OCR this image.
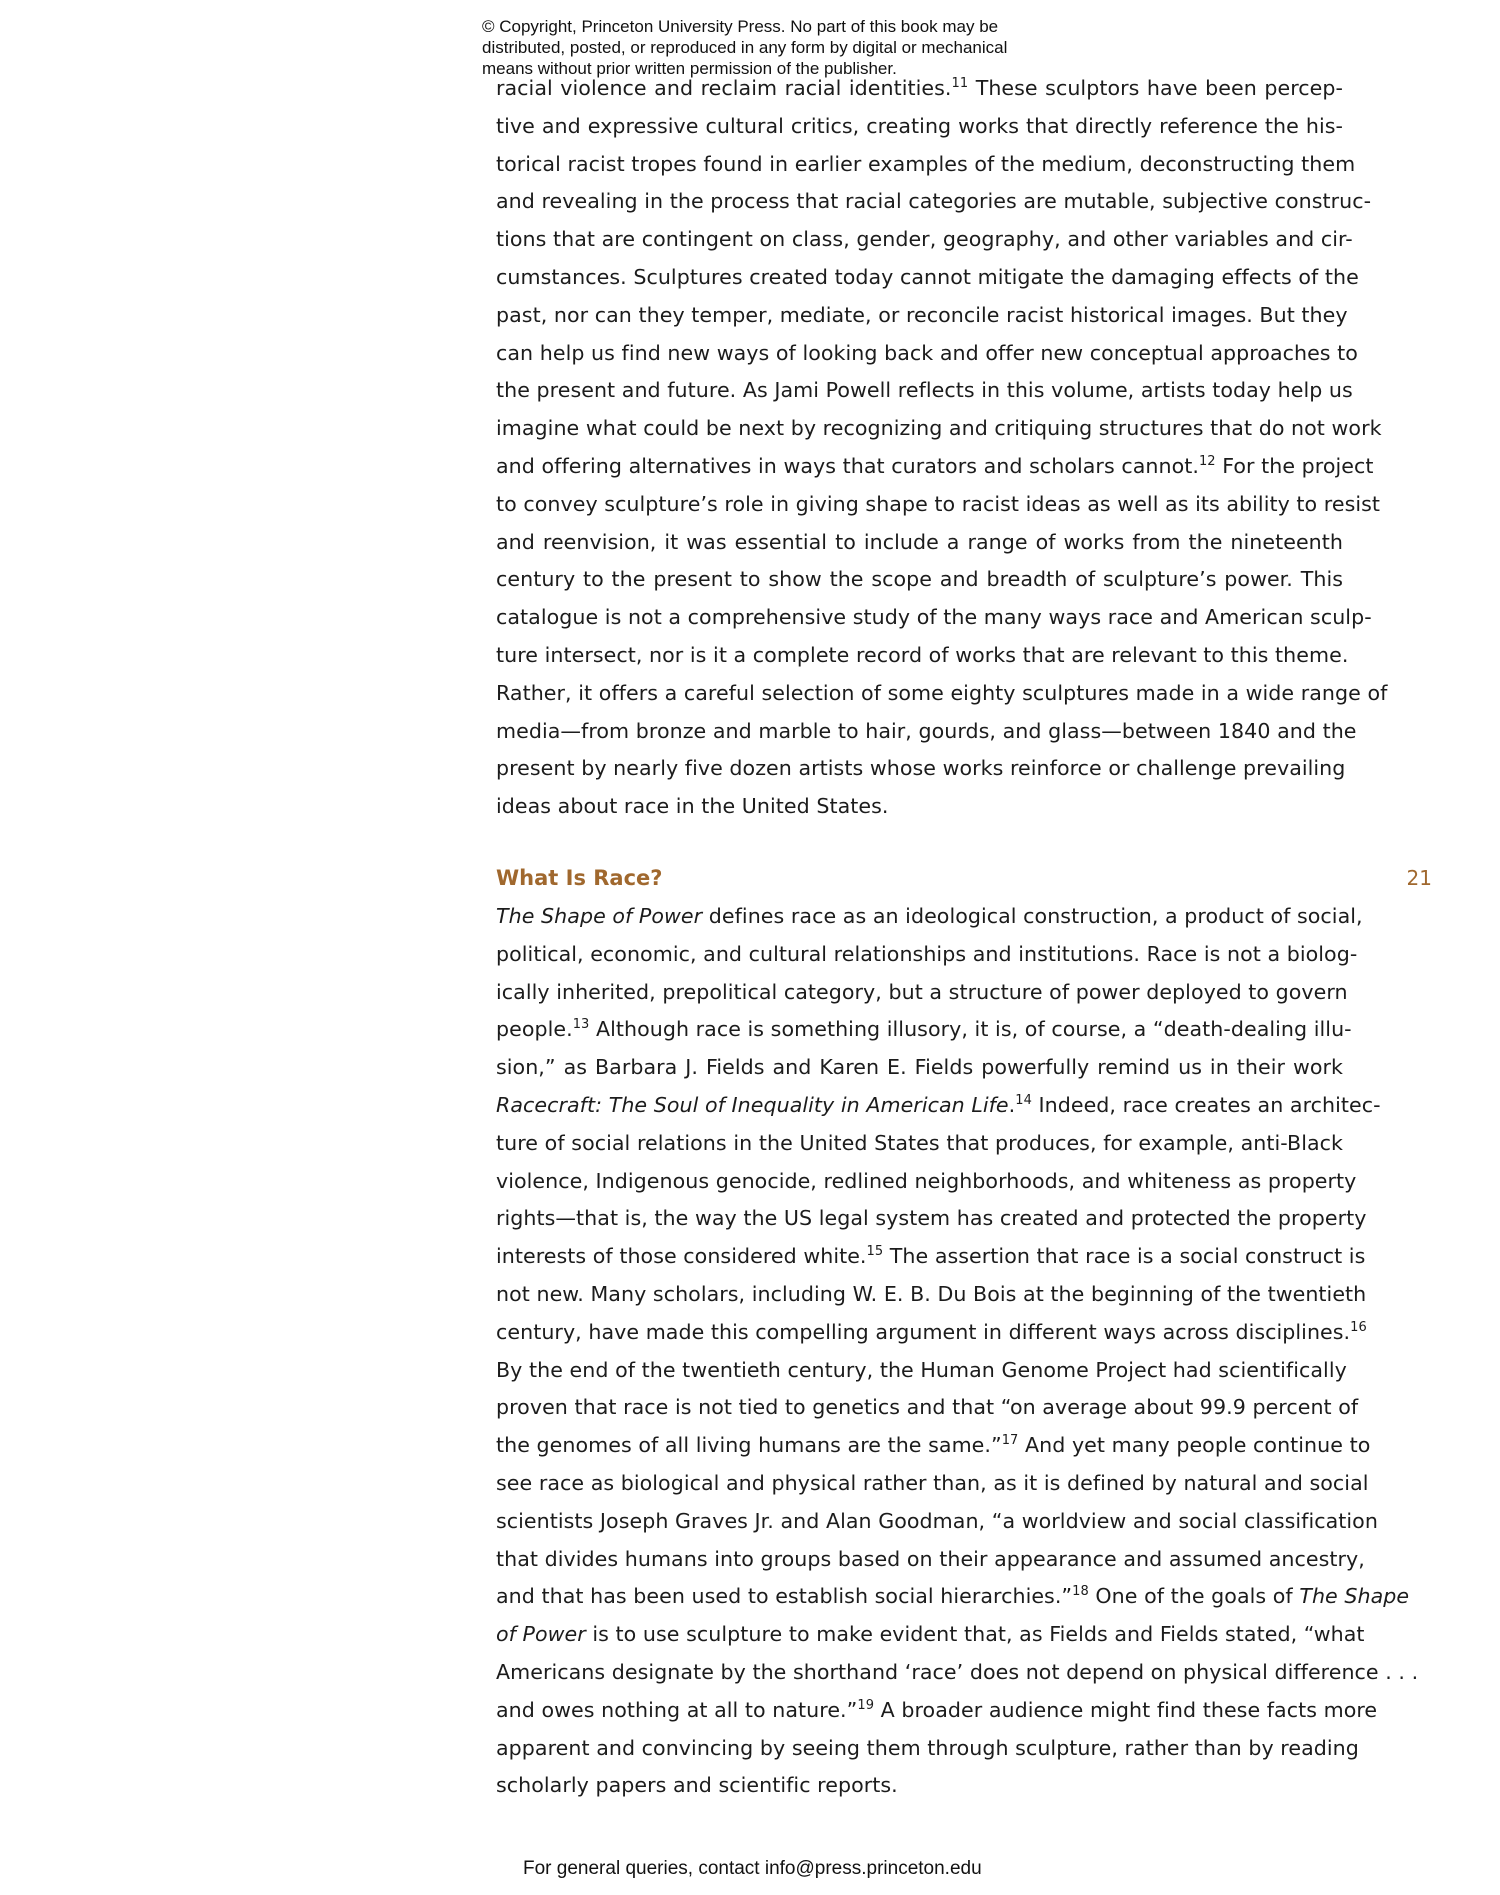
© Copyright, Princeton University Press. No part of this book may be
distributed, posted, or reproduced in any form by digital or mechanical
means without prior written permission of the publisher.
racial violence and reclaim racial identities.$^{11}$ These sculptors have been percep-
tive and expressive cultural critics, creating works that directly reference the his-
torical racist tropes found in earlier examples of the medium, deconstructing them
and revealing in the process that racial categories are mutable, subjective construc-
tions that are contingent on class, gender, geography, and other variables and cir-
cumstances. Sculptures created today cannot mitigate the damaging effects of the
past, nor can they temper, mediate, or reconcile racist historical images. But they
can help us find new ways of looking back and offer new conceptual approaches to
the present and future. As Jami Powell reflects in this volume, artists today help us
imagine what could be next by recognizing and critiquing structures that do not work
and offering alternatives in ways that curators and scholars cannot.$^{12}$ For the project
to convey sculpture’s role in giving shape to racist ideas as well as its ability to resist
and reenvision, it was essential to include a range of works from the nineteenth
century to the present to show the scope and breadth of sculpture’s power. This
catalogue is not a comprehensive study of the many ways race and American sculp-
ture intersect, nor is it a complete record of works that are relevant to this theme.
Rather, it offers a careful selection of some eighty sculptures made in a wide range of
media—from bronze and marble to hair, gourds, and glass—between 1840 and the
present by nearly five dozen artists whose works reinforce or challenge prevailing
ideas about race in the United States.
What Is Race?	21
The Shape of Power defines race as an ideological construction, a product of social,
political, economic, and cultural relationships and institutions. Race is not a biolog-
ically inherited, prepolitical category, but a structure of power deployed to govern
people.$^{13}$ Although race is something illusory, it is, of course, a “death-dealing illu-
sion,” as Barbara J. Fields and Karen E. Fields powerfully remind us in their work
Racecraft: The Soul of Inequality in American Life.$^{14}$ Indeed, race creates an architec-
ture of social relations in the United States that produces, for example, anti-Black
violence, Indigenous genocide, redlined neighborhoods, and whiteness as property
rights—that is, the way the US legal system has created and protected the property
interests of those considered white.$^{15}$ The assertion that race is a social construct is
not new. Many scholars, including W. E. B. Du Bois at the beginning of the twentieth
century, have made this compelling argument in different ways across disciplines.$^{16}$
By the end of the twentieth century, the Human Genome Project had scientifically
proven that race is not tied to genetics and that “on average about 99.9 percent of
the genomes of all living humans are the same.”$^{17}$ And yet many people continue to
see race as biological and physical rather than, as it is defined by natural and social
scientists Joseph Graves Jr. and Alan Goodman, “a worldview and social classification
that divides humans into groups based on their appearance and assumed ancestry,
and that has been used to establish social hierarchies.”$^{18}$ One of the goals of The Shape
of Power is to use sculpture to make evident that, as Fields and Fields stated, “what
Americans designate by the shorthand ‘race’ does not depend on physical difference . . .
and owes nothing at all to nature.”$^{19}$ A broader audience might find these facts more
apparent and convincing by seeing them through sculpture, rather than by reading
scholarly papers and scientific reports.
For general queries, contact info@press.princeton.edu
